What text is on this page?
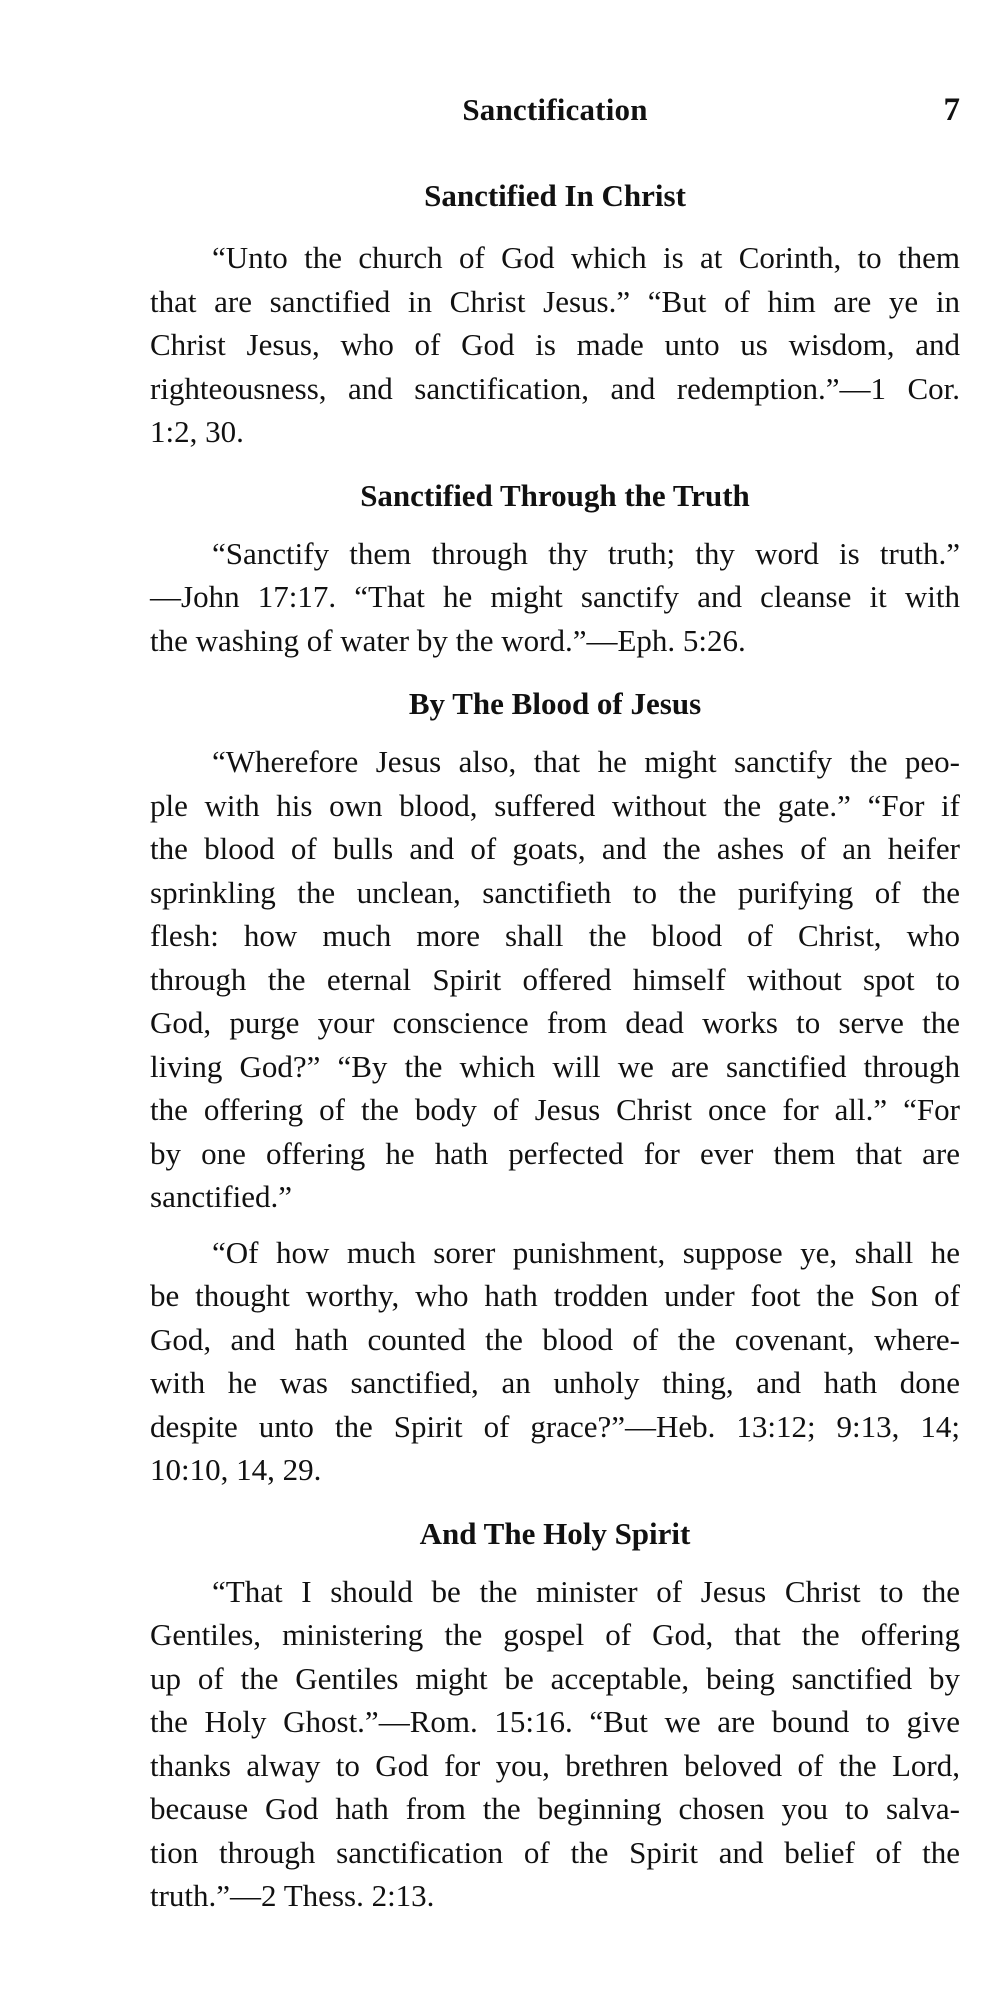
Sanctification	7
Sanctified In Christ
“Unto the church of God which is at Corinth, to them
that are sanctified in Christ Jesus.” “But of him are ye in
Christ Jesus, who of God is made unto us wisdom, and
righteousness, and sanctification, and redemption.”—1 Cor.
1:2, 30.
Sanctified Through the Truth
“Sanctify them through thy truth; thy word is truth.”
—John 17:17. “That he might sanctify and cleanse it with
the washing of water by the word.”—Eph. 5:26.
By The Blood of Jesus
“Wherefore Jesus also, that he might sanctify the peo-
ple with his own blood, suffered without the gate.” “For if
the blood of bulls and of goats, and the ashes of an heifer
sprinkling the unclean, sanctifieth to the purifying of the
flesh: how much more shall the blood of Christ, who
through the eternal Spirit offered himself without spot to
God, purge your conscience from dead works to serve the
living God?” “By the which will we are sanctified through
the offering of the body of Jesus Christ once for all.” “For
by one offering he hath perfected for ever them that are
sanctified.”
“Of how much sorer punishment, suppose ye, shall he
be thought worthy, who hath trodden under foot the Son of
God, and hath counted the blood of the covenant, where-
with he was sanctified, an unholy thing, and hath done
despite unto the Spirit of grace?”—Heb. 13:12; 9:13, 14;
10:10, 14, 29.
And The Holy Spirit
“That I should be the minister of Jesus Christ to the
Gentiles, ministering the gospel of God, that the offering
up of the Gentiles might be acceptable, being sanctified by
the Holy Ghost.”—Rom. 15:16. “But we are bound to give
thanks alway to God for you, brethren beloved of the Lord,
because God hath from the beginning chosen you to salva-
tion through sanctification of the Spirit and belief of the
truth.”—2 Thess. 2:13.
